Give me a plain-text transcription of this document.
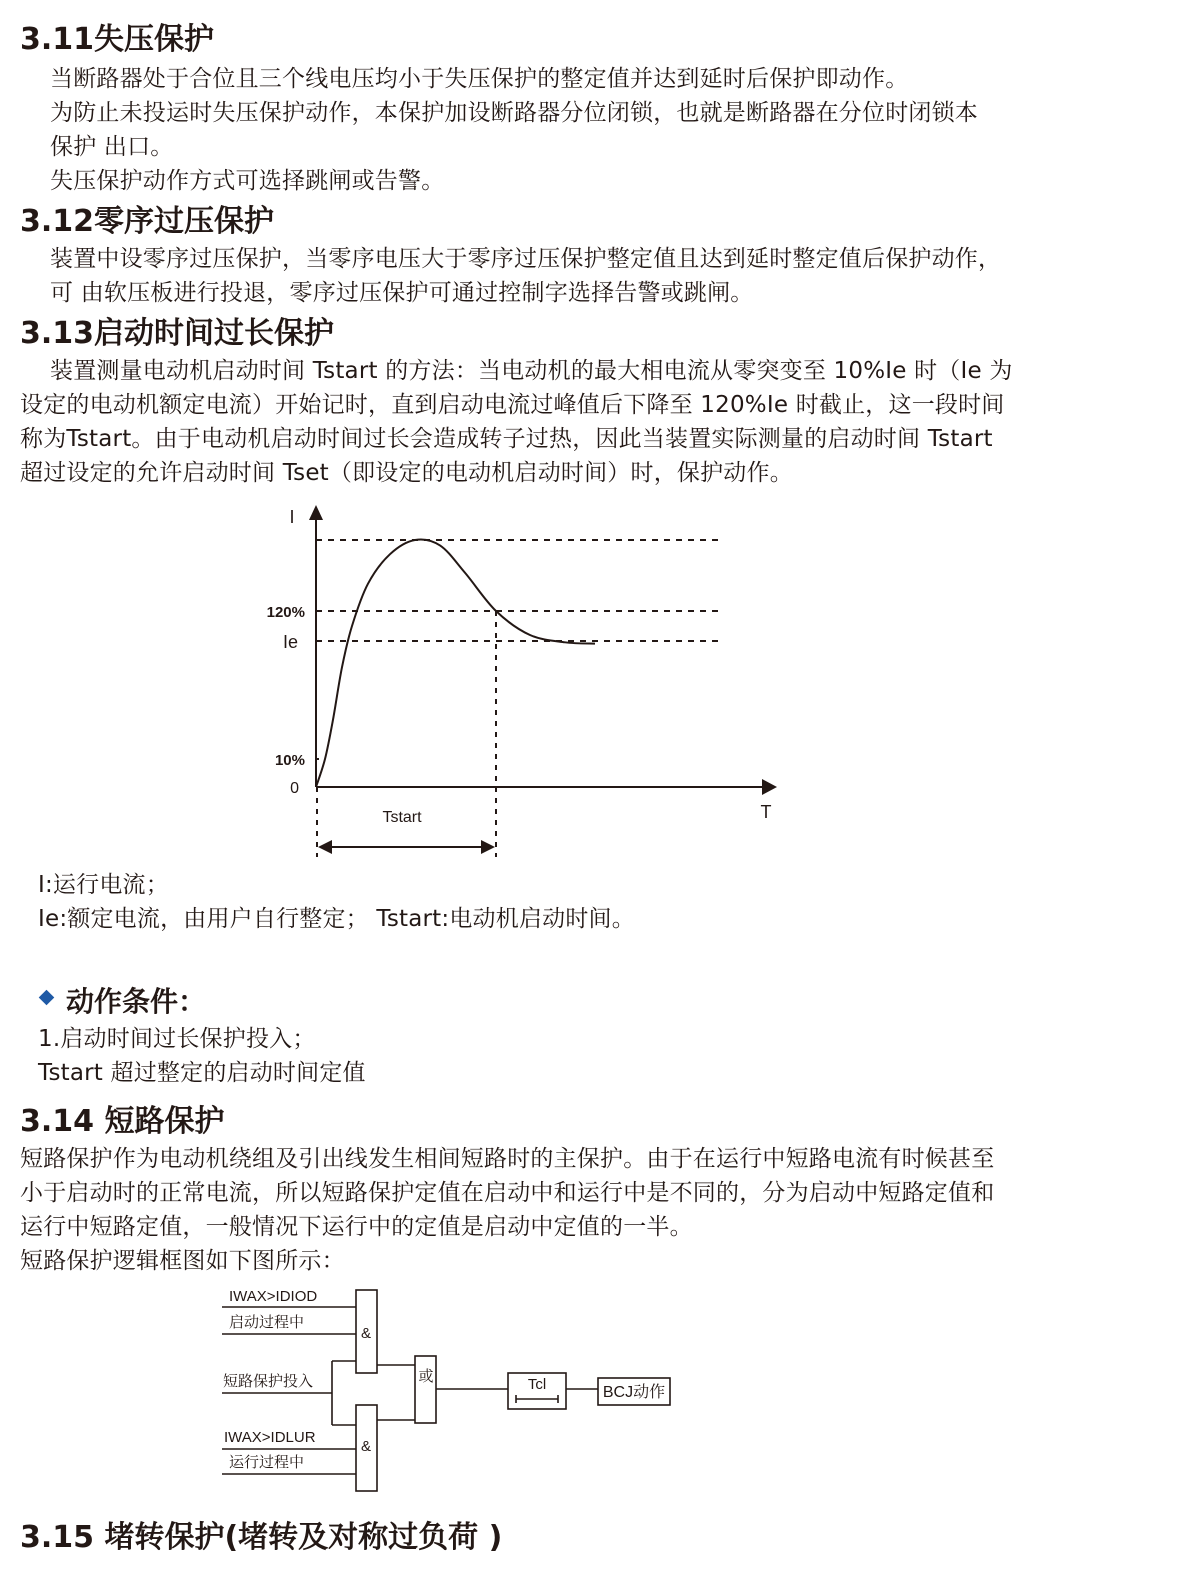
3.11失压保护
当断路器处于合位且三个线电压均小于失压保护的整定值并达到延时后保护即动作。
为防止未投运时失压保护动作，本保护加设断路器分位闭锁，也就是断路器在分位时闭锁本
保护 出口。
失压保护动作方式可选择跳闸或告警。
3.12零序过压保护
装置中设零序过压保护，当零序电压大于零序过压保护整定值且达到延时整定值后保护动作，
可 由软压板进行投退，零序过压保护可通过控制字选择告警或跳闸。
3.13启动时间过长保护
装置测量电动机启动时间 Tstart 的方法：当电动机的最大相电流从零突变至 10%Ie 时（Ie 为
设定的电动机额定电流）开始记时，直到启动电流过峰值后下降至 120%Ie 时截止，这一段时间
称为Tstart。由于电动机启动时间过长会造成转子过热，因此当装置实际测量的启动时间 Tstart
超过设定的允许启动时间 Tset（即设定的电动机启动时间）时，保护动作。
I
T
120%
Ie
10%
0
Tstart
I:运行电流；
Ie:额定电流，由用户自行整定； Tstart:电动机启动时间。
动作条件：
1.启动时间过长保护投入；
Tstart 超过整定的启动时间定值
3.14 短路保护
短路保护作为电动机绕组及引出线发生相间短路时的主保护。由于在运行中短路电流有时候甚至
小于启动时的正常电流，所以短路保护定值在启动中和运行中是不同的，分为启动中短路定值和
运行中短路定值，一般情况下运行中的定值是启动中定值的一半。
短路保护逻辑框图如下图所示：
IWAX>IDIOD
启动过程中
短路保护投入
IWAX>IDLUR
运行过程中
&
&
或	Tcl	BCJ动作
3.15 堵转保护(堵转及对称过负荷 )
